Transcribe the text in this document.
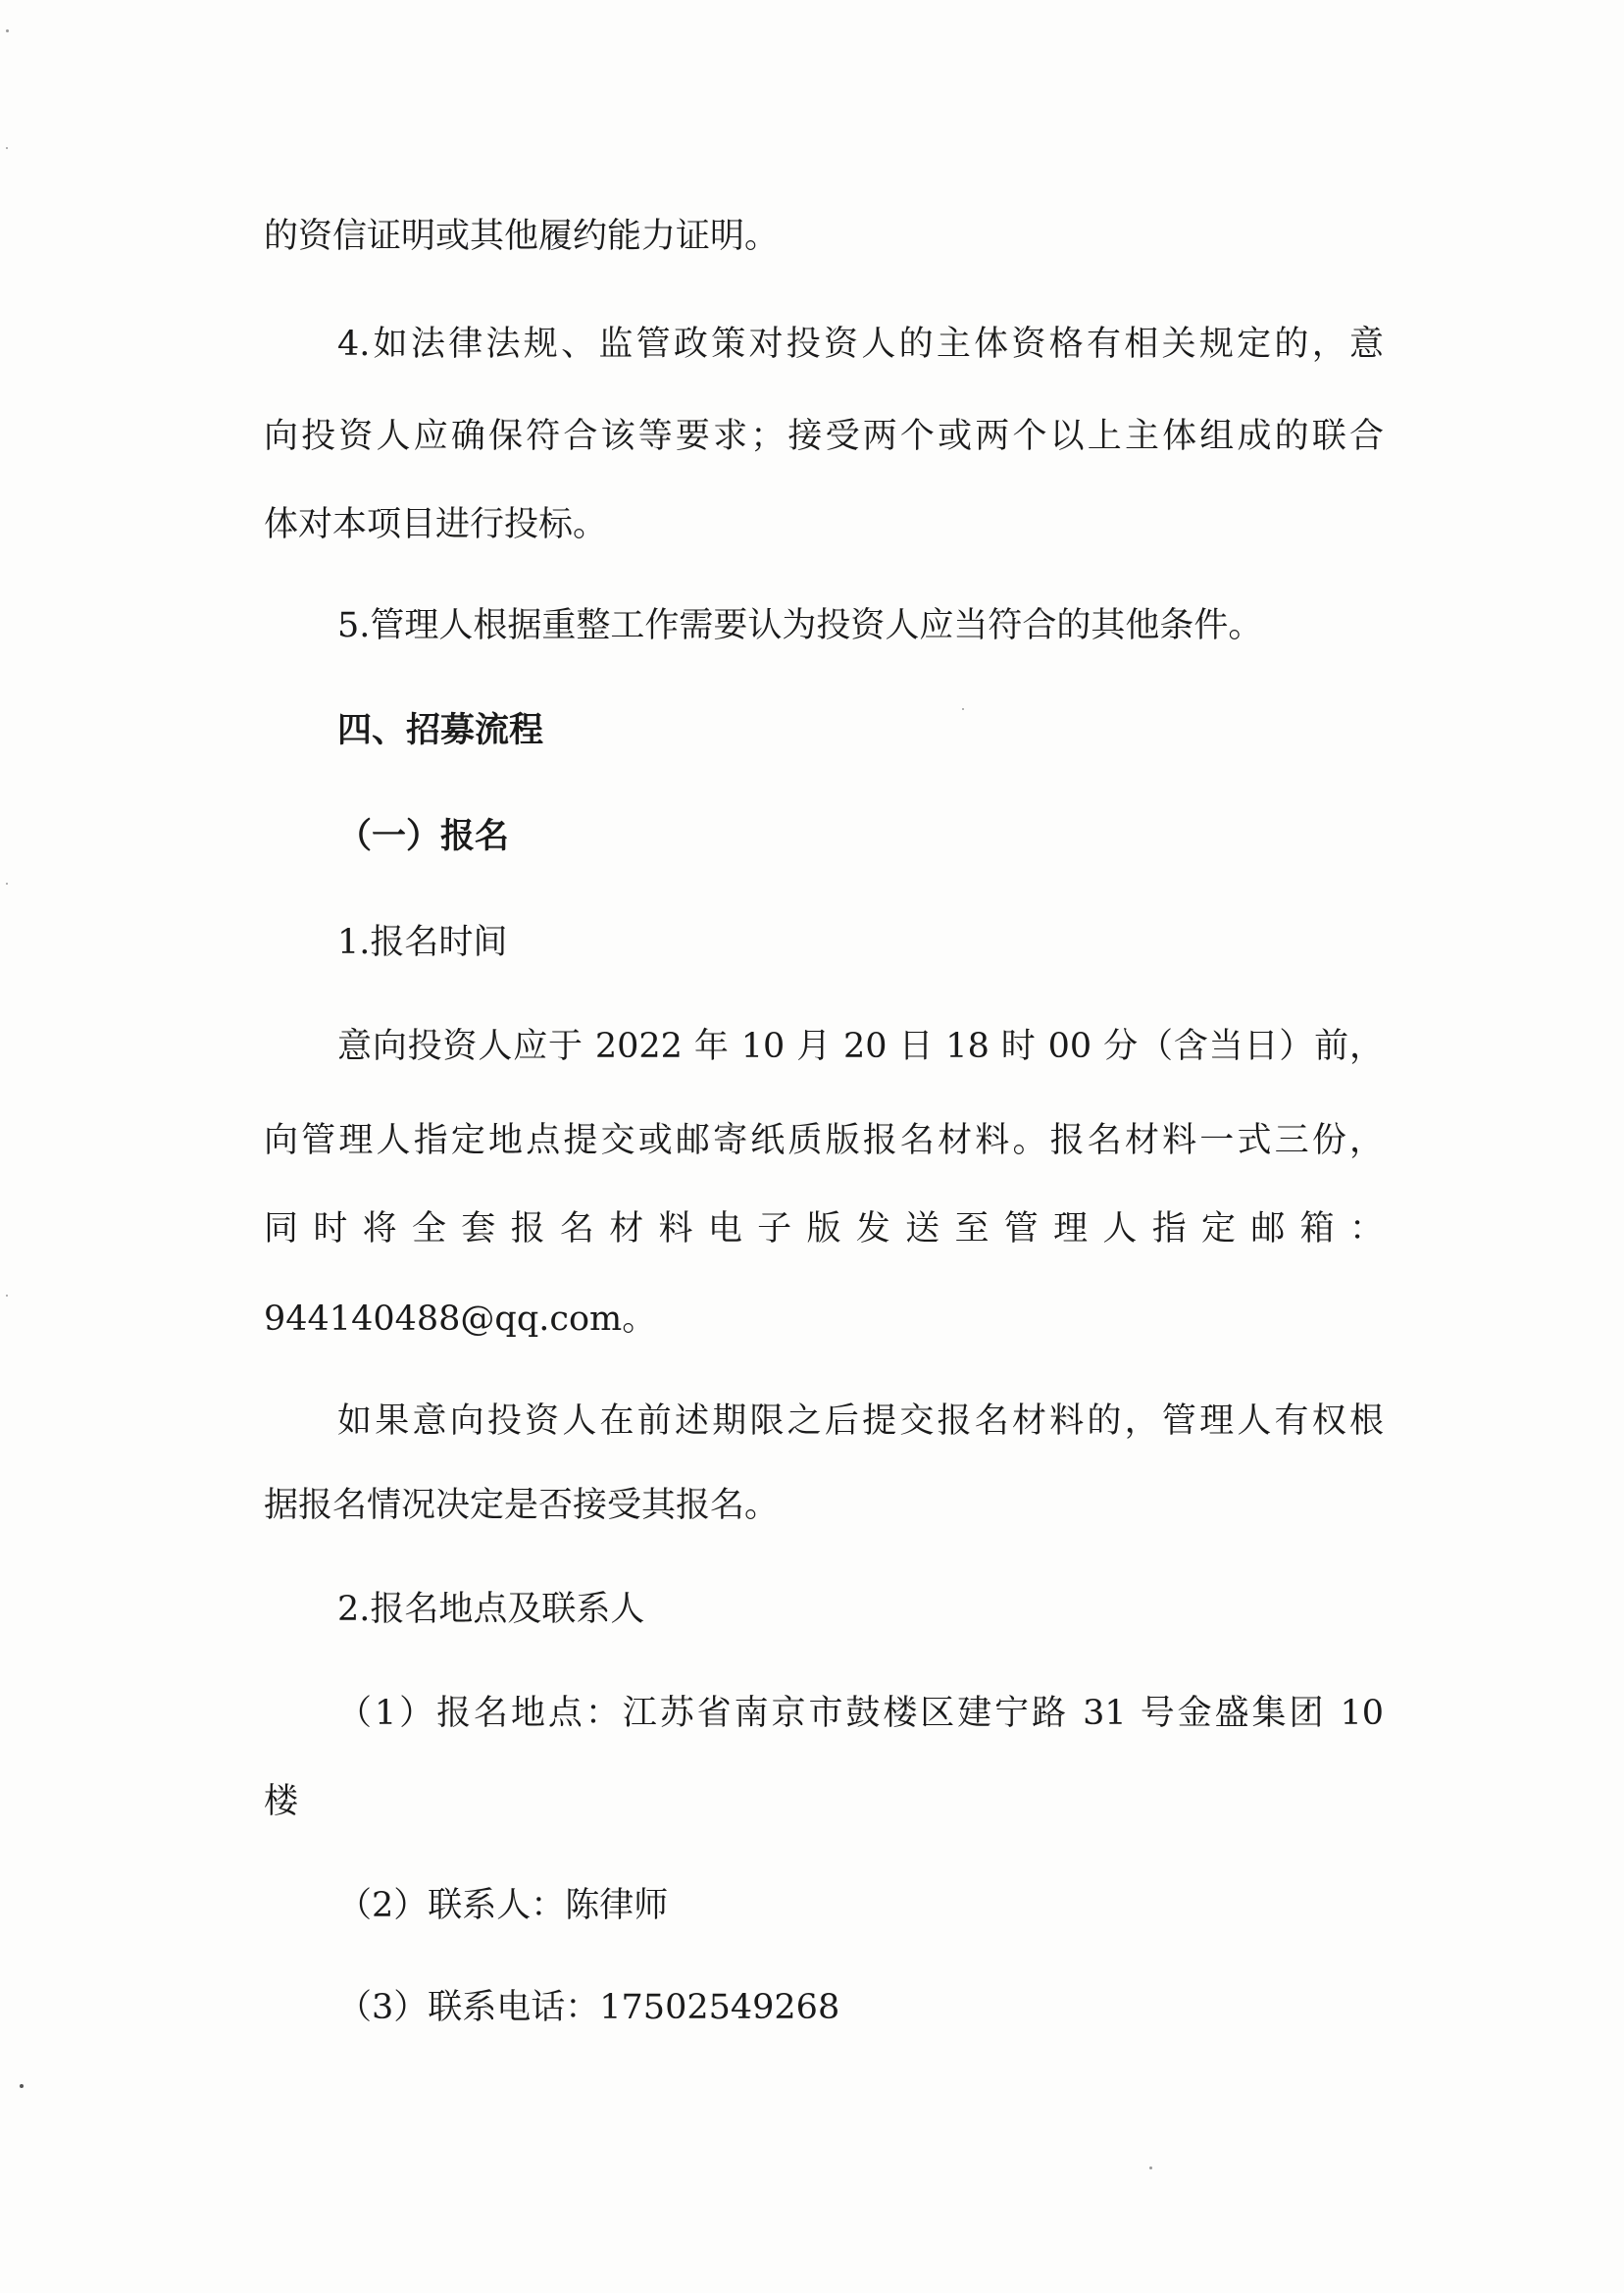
的资信证明或其他履约能力证明。

4.如法律法规、监管政策对投资人的主体资格有相关规定的，意

向投资人应确保符合该等要求；接受两个或两个以上主体组成的联合

体对本项目进行投标。

5.管理人根据重整工作需要认为投资人应当符合的其他条件。

四、招募流程

（一）报名

1.报名时间

意向投资人应于 2022 年 10 月 20 日 18 时 00 分（含当日）前，

向管理人指定地点提交或邮寄纸质版报名材料。报名材料一式三份，

同时将全套报名材料电子版发送至管理人指定邮箱：

944140488@qq.com。

如果意向投资人在前述期限之后提交报名材料的，管理人有权根

据报名情况决定是否接受其报名。

2.报名地点及联系人

（1）报名地点：江苏省南京市鼓楼区建宁路 31 号金盛集团 10

楼

（2）联系人：陈律师

（3）联系电话：17502549268
